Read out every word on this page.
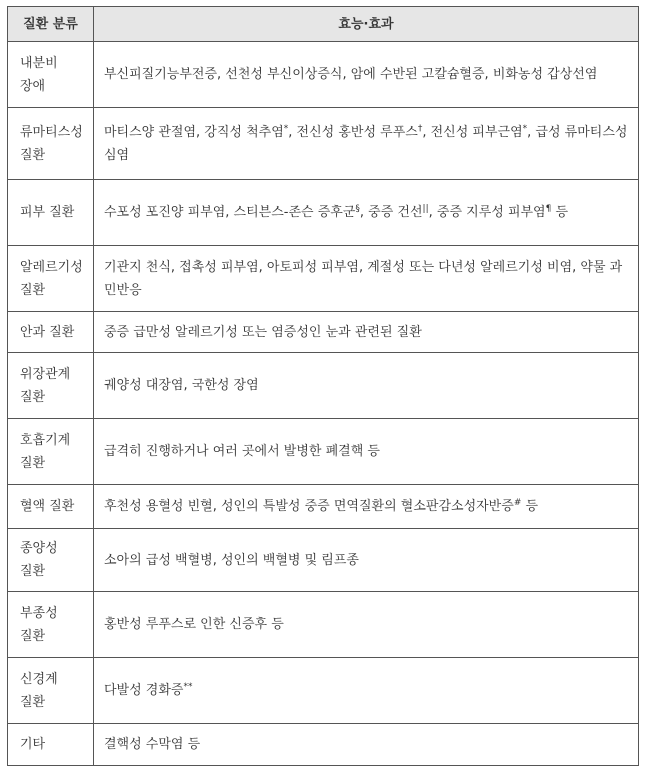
질환 분류	효능·효과
내분비 장애	부신피질기능부전증, 선천성 부신이상증식, 암에 수반된 고칼슘혈증, 비화농성 갑상선염
류마티스성 질환	마티스양 관절염, 강직성 척추염*, 전신성 홍반성 루푸스†, 전신성 피부근염*, 급성 류마티스성 심염
피부 질환	수포성 포진양 피부염, 스티븐스-존슨 증후군§, 중증 건선||, 중증 지루성 피부염¶ 등
알레르기성 질환	기관지 천식, 접촉성 피부염, 아토피성 피부염, 계절성 또는 다년성 알레르기성 비염, 약물 과민반응
안과 질환	중증 급만성 알레르기성 또는 염증성인 눈과 관련된 질환
위장관계 질환	궤양성 대장염, 국한성 장염
호흡기계 질환	급격히 진행하거나 여러 곳에서 발병한 폐결핵 등
혈액 질환	후천성 용혈성 빈혈, 성인의 특발성 중증 면역질환의 혈소판감소성자반증# 등
종양성 질환	소아의 급성 백혈병, 성인의 백혈병 및 림프종
부종성 질환	홍반성 루푸스로 인한 신증후 등
신경계 질환	다발성 경화증**
기타	결핵성 수막염 등
